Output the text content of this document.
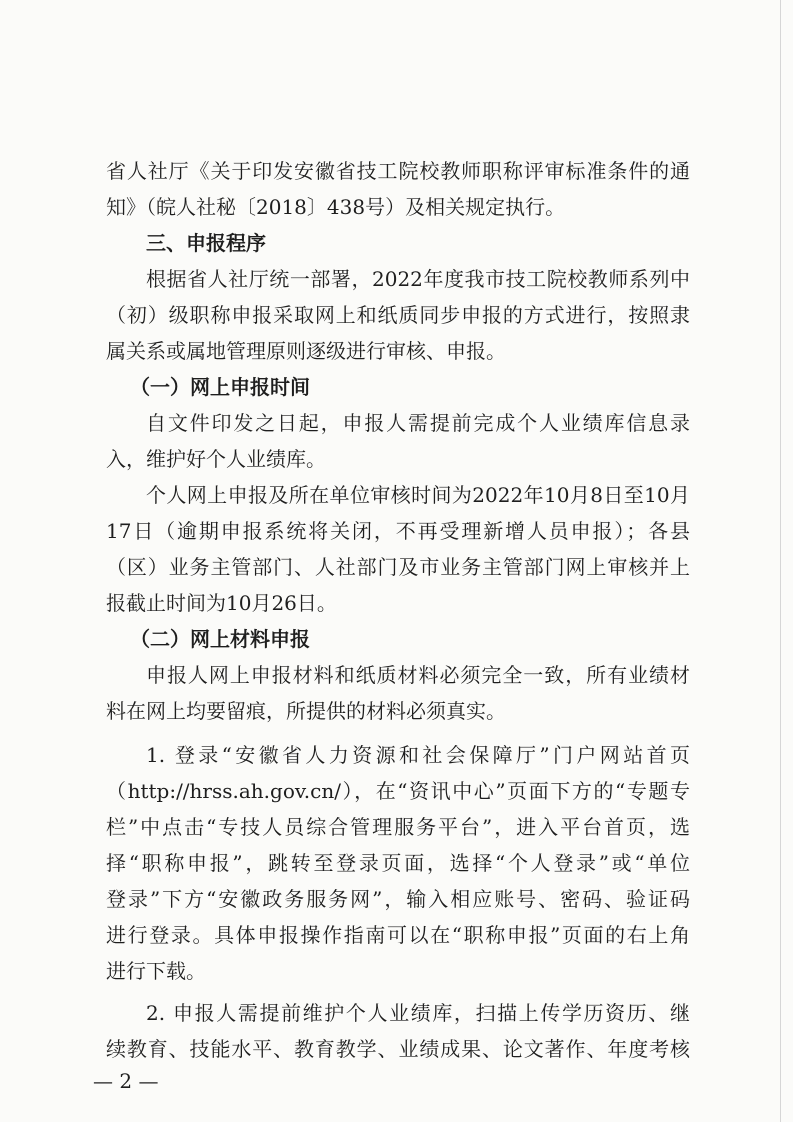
省人社厅《关于印发安徽省技工院校教师职称评审标准条件的通
知》（皖人社秘〔2018〕438号）及相关规定执行。
三、申报程序
根据省人社厅统一部署，2022年度我市技工院校教师系列中
（初）级职称申报采取网上和纸质同步申报的方式进行，按照隶
属关系或属地管理原则逐级进行审核、申报。
（一）网上申报时间
自文件印发之日起，申报人需提前完成个人业绩库信息录
入，维护好个人业绩库。
个人网上申报及所在单位审核时间为2022年10月8日至10月
17日（逾期申报系统将关闭，不再受理新增人员申报）；各县
（区）业务主管部门、人社部门及市业务主管部门网上审核并上
报截止时间为10月26日。
（二）网上材料申报
申报人网上申报材料和纸质材料必须完全一致，所有业绩材
料在网上均要留痕，所提供的材料必须真实。
1. 登录“安徽省人力资源和社会保障厅”门户网站首页
（http://hrss.ah.gov.cn/），在“资讯中心”页面下方的“专题专
栏”中点击“专技人员综合管理服务平台”，进入平台首页，选
择“职称申报”，跳转至登录页面，选择“个人登录”或“单位
登录”下方“安徽政务服务网”，输入相应账号、密码、验证码
进行登录。具体申报操作指南可以在“职称申报”页面的右上角
进行下载。
2. 申报人需提前维护个人业绩库，扫描上传学历资历、继
续教育、技能水平、教育教学、业绩成果、论文著作、年度考核
— 2 —
